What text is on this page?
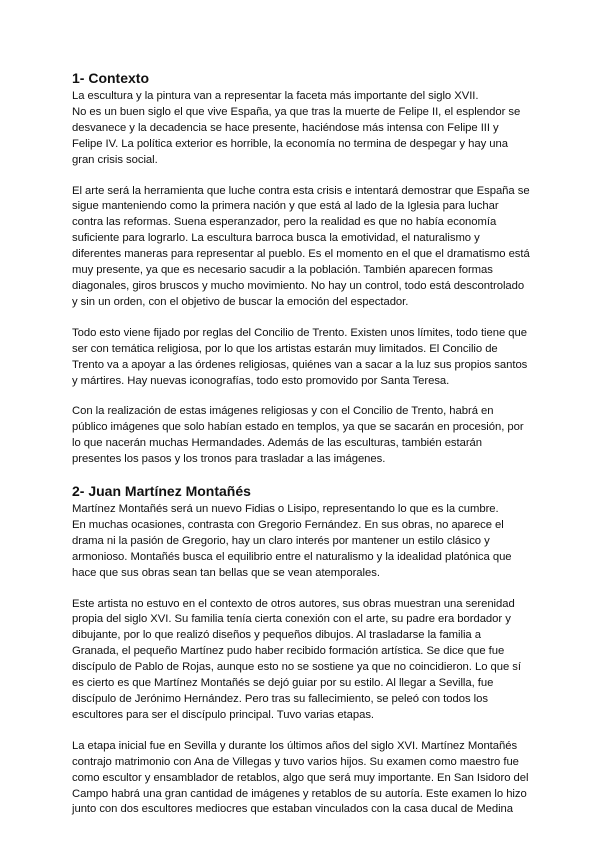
1- Contexto

La escultura y la pintura van a representar la faceta más importante del siglo XVII.
No es un buen siglo el que vive España, ya que tras la muerte de Felipe II, el esplendor se
desvanece y la decadencia se hace presente, haciéndose más intensa con Felipe III y
Felipe IV. La política exterior es horrible, la economía no termina de despegar y hay una
gran crisis social.

El arte será la herramienta que luche contra esta crisis e intentará demostrar que España se
sigue manteniendo como la primera nación y que está al lado de la Iglesia para luchar
contra las reformas. Suena esperanzador, pero la realidad es que no había economía
suficiente para lograrlo. La escultura barroca busca la emotividad, el naturalismo y
diferentes maneras para representar al pueblo. Es el momento en el que el dramatismo está
muy presente, ya que es necesario sacudir a la población. También aparecen formas
diagonales, giros bruscos y mucho movimiento. No hay un control, todo está descontrolado
y sin un orden, con el objetivo de buscar la emoción del espectador.

Todo esto viene fijado por reglas del Concilio de Trento. Existen unos límites, todo tiene que
ser con temática religiosa, por lo que los artistas estarán muy limitados. El Concilio de
Trento va a apoyar a las órdenes religiosas, quiénes van a sacar a la luz sus propios santos
y mártires. Hay nuevas iconografías, todo esto promovido por Santa Teresa.

Con la realización de estas imágenes religiosas y con el Concilio de Trento, habrá en
público imágenes que solo habían estado en templos, ya que se sacarán en procesión, por
lo que nacerán muchas Hermandades. Además de las esculturas, también estarán
presentes los pasos y los tronos para trasladar a las imágenes.

2- Juan Martínez Montañés

Martínez Montañés será un nuevo Fidias o Lisipo, representando lo que es la cumbre.
En muchas ocasiones, contrasta con Gregorio Fernández. En sus obras, no aparece el
drama ni la pasión de Gregorio, hay un claro interés por mantener un estilo clásico y
armonioso. Montañés busca el equilibrio entre el naturalismo y la idealidad platónica que
hace que sus obras sean tan bellas que se vean atemporales.

Este artista no estuvo en el contexto de otros autores, sus obras muestran una serenidad
propia del siglo XVI. Su familia tenía cierta conexión con el arte, su padre era bordador y
dibujante, por lo que realizó diseños y pequeños dibujos. Al trasladarse la familia a
Granada, el pequeño Martínez pudo haber recibido formación artística. Se dice que fue
discípulo de Pablo de Rojas, aunque esto no se sostiene ya que no coincidieron. Lo que sí
es cierto es que Martínez Montañés se dejó guiar por su estilo. Al llegar a Sevilla, fue
discípulo de Jerónimo Hernández. Pero tras su fallecimiento, se peleó con todos los
escultores para ser el discípulo principal. Tuvo varias etapas.

La etapa inicial fue en Sevilla y durante los últimos años del siglo XVI. Martínez Montañés
contrajo matrimonio con Ana de Villegas y tuvo varios hijos. Su examen como maestro fue
como escultor y ensamblador de retablos, algo que será muy importante. En San Isidoro del
Campo habrá una gran cantidad de imágenes y retablos de su autoría. Este examen lo hizo
junto con dos escultores mediocres que estaban vinculados con la casa ducal de Medina
